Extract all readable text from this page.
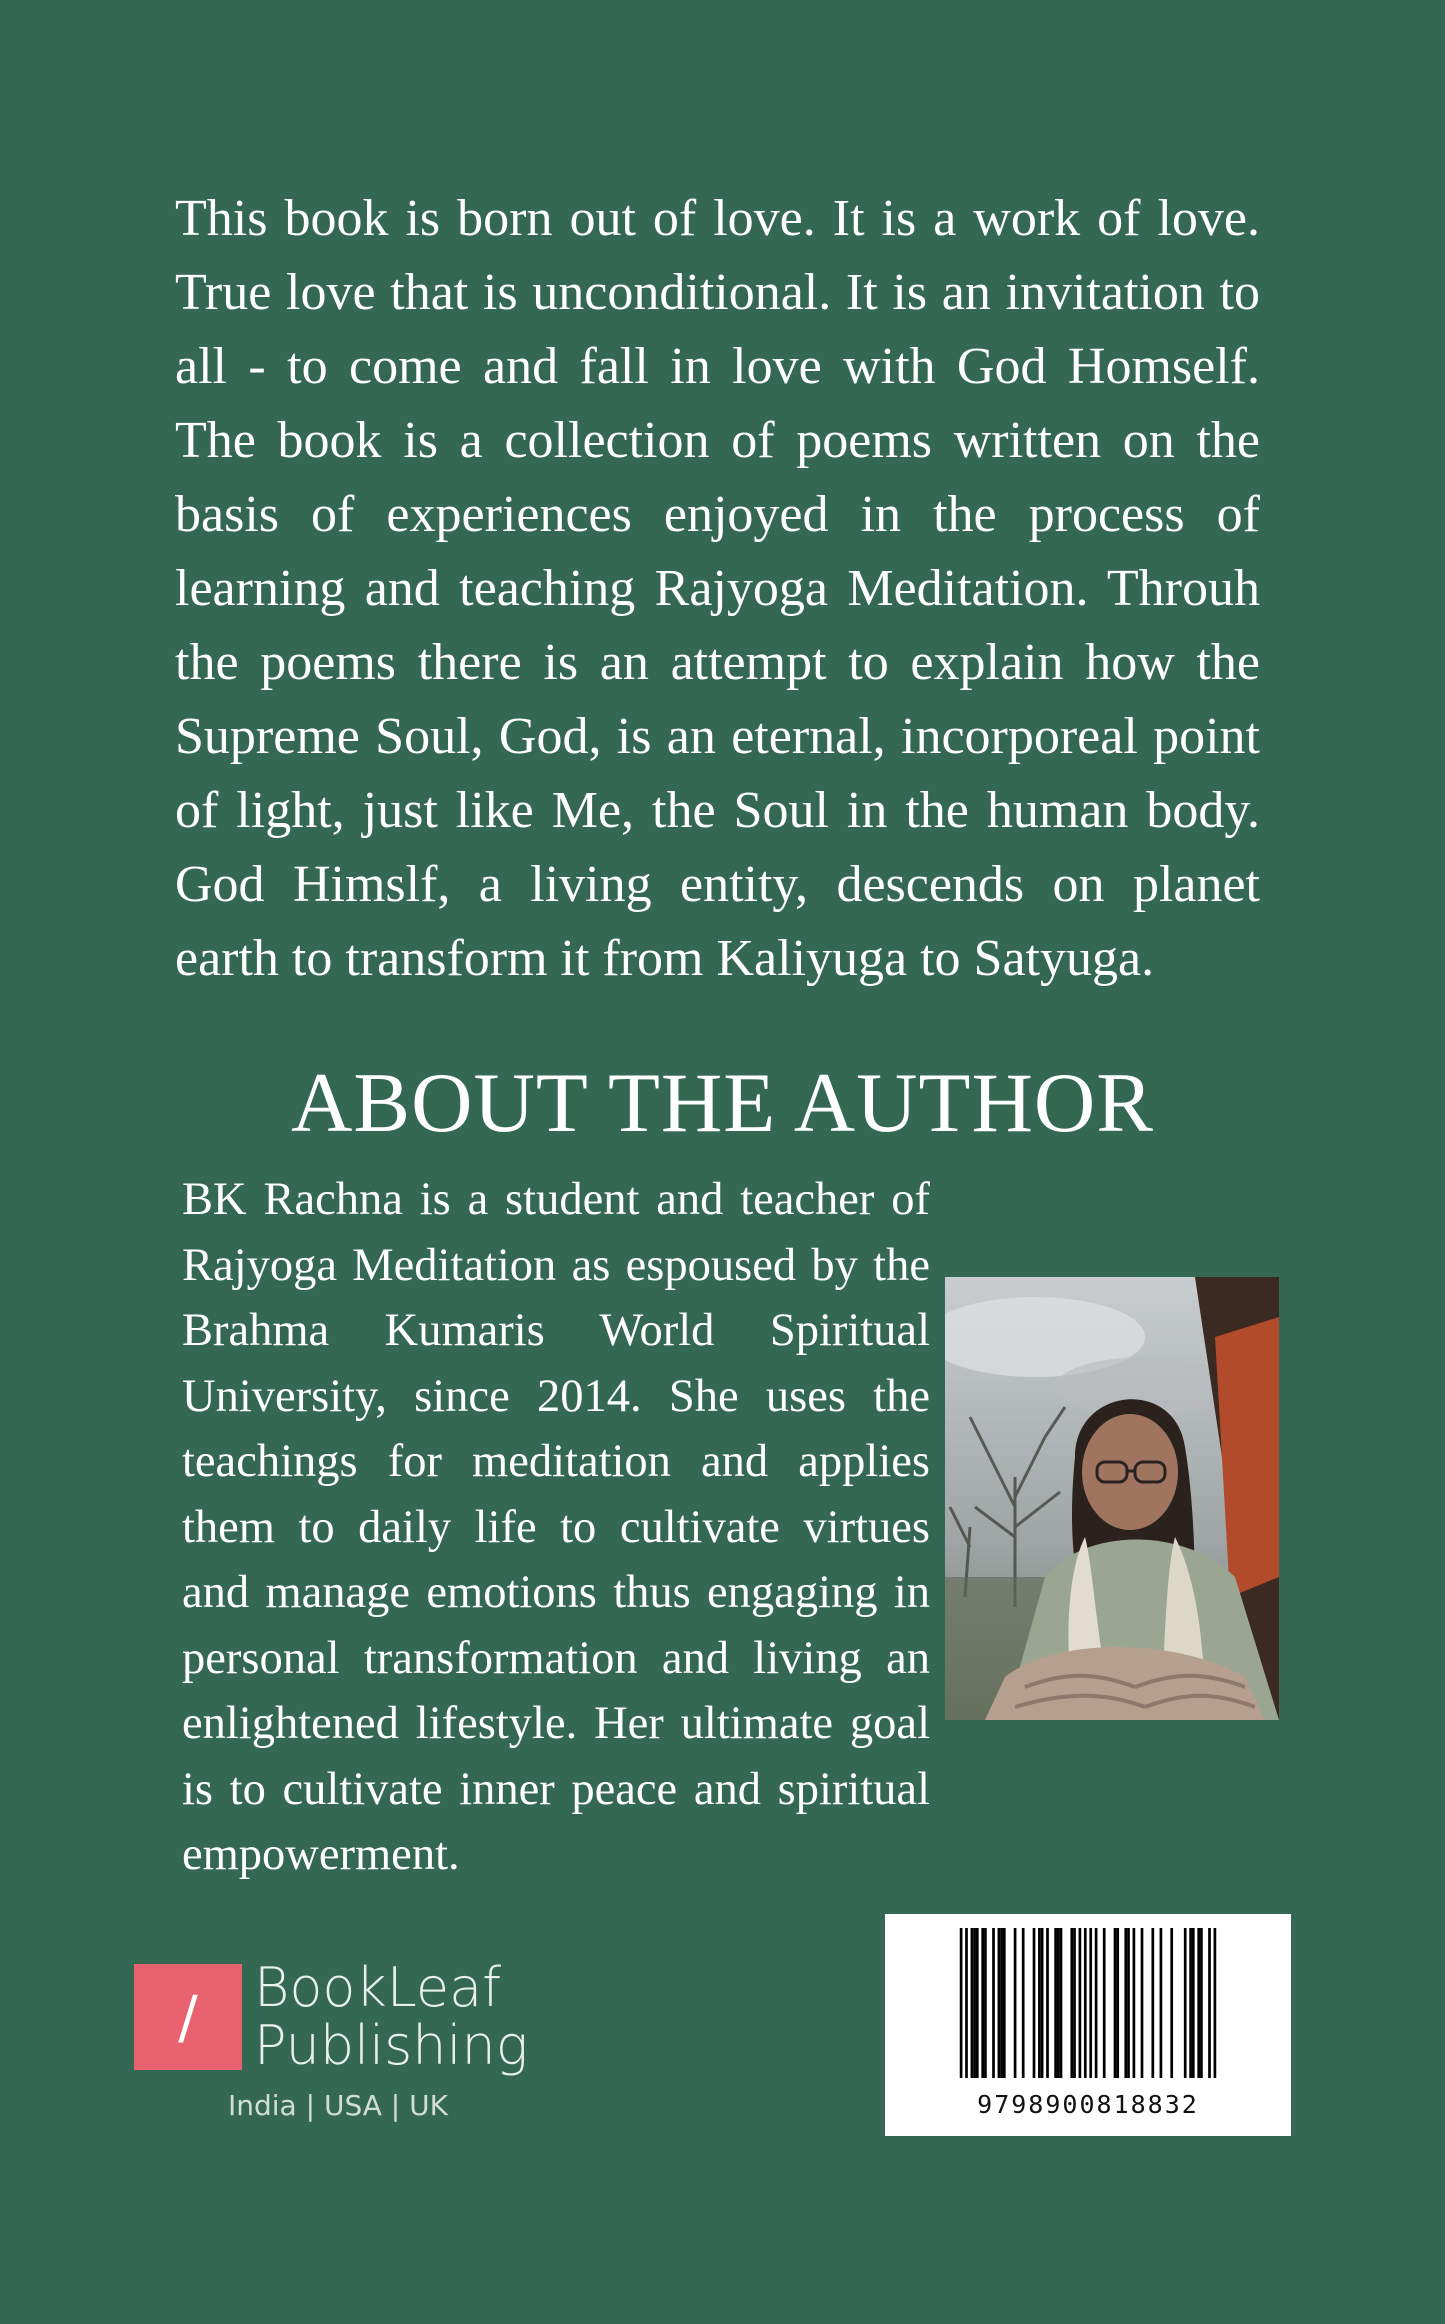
This book is born out of love. It is a work of love. True love that is unconditional. It is an invitation to all - to come and fall in love with God Homself. The book is a collection of poems written on the basis of experiences enjoyed in the process of learning and teaching Rajyoga Meditation. Throuh the poems there is an attempt to explain how the Supreme Soul, God, is an eternal, incorporeal point of light, just like Me, the Soul in the human body. God Himslf, a living entity, descends on planet earth to transform it from Kaliyuga to Satyuga.

ABOUT THE AUTHOR

BK Rachna is a student and teacher of Rajyoga Meditation as espoused by the Brahma Kumaris World Spiritual University, since 2014. She uses the teachings for meditation and applies them to daily life to cultivate virtues and manage emotions thus engaging in personal transformation and living an enlightened lifestyle. Her ultimate goal is to cultivate inner peace and spiritual empowerment.

/	BookLeaf
Publishing
India | USA | UK	9798900818832
